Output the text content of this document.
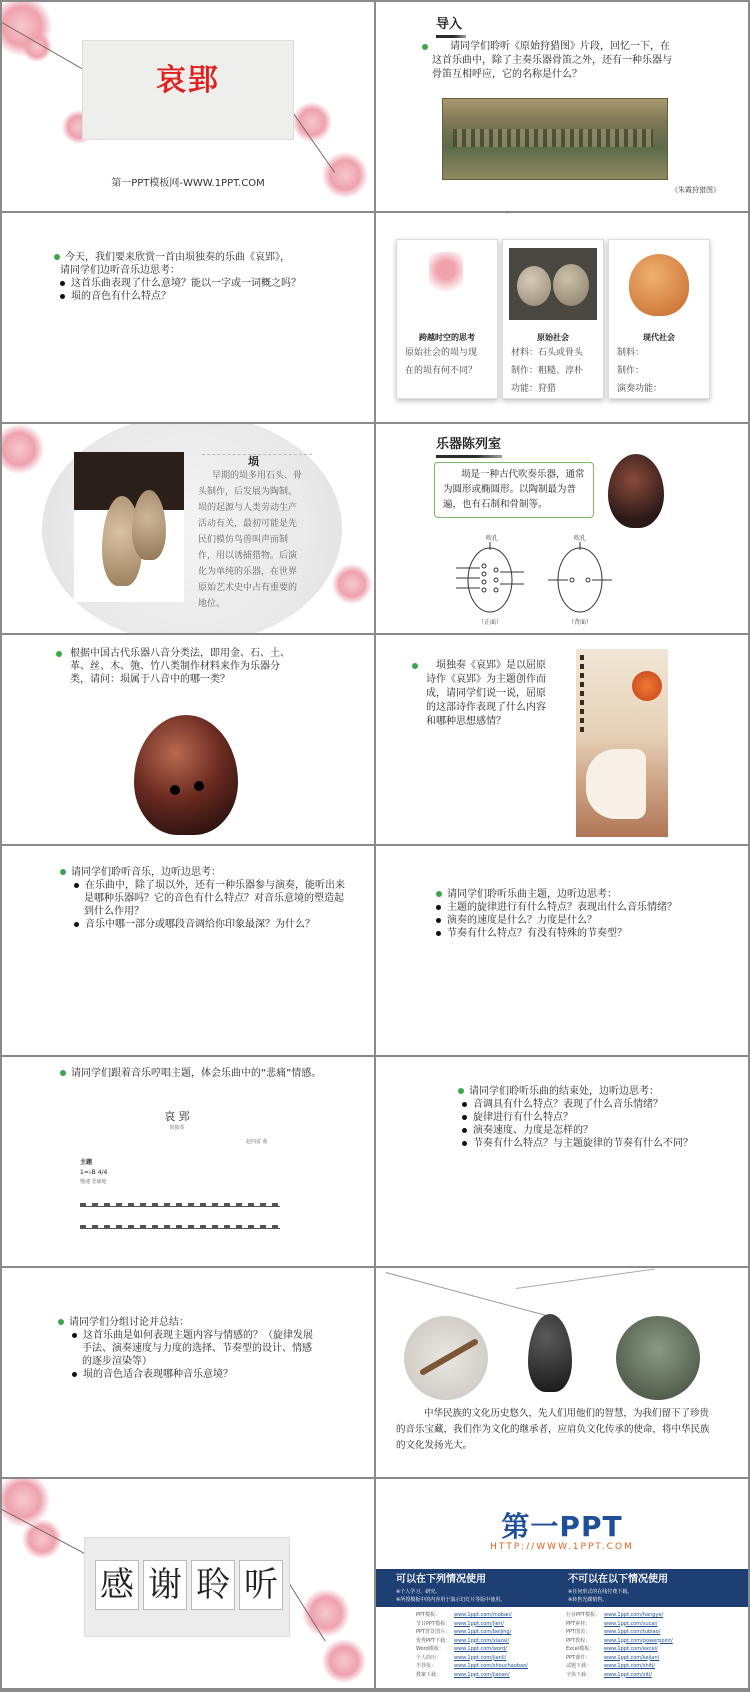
哀郢
第一PPT模板网-WWW.1PPT.COM
导入
请同学们聆听《原始狩猎图》片段，回忆一下，在这首乐曲中，除了主奏乐器骨笛之外，还有一种乐器与骨笛互相呼应，它的名称是什么？
《朱霞狩猎图》
今天，我们要来欣赏一首由埙独奏的乐曲《哀郢》，
请同学们边听音乐边思考：
这首乐曲表现了什么意境？能以一字或一词概之吗？
埙的音色有什么特点？
跨越时空的思考
原始社会的埙与现
在的埙有何不同？
原始社会
材料：石头或骨头
制作：粗糙、淳朴
功能：狩猎
现代社会
制料：
制作：
演奏功能：
埙
早期的埙多用石头、骨头制作，后发展为陶制。埙的起源与人类劳动生产活动有关，最初可能是先民们模仿鸟兽叫声而制作，用以诱捕猎物。后演化为单纯的乐器，在世界原始艺术史中占有重要的地位。
乐器陈列室
埙是一种古代吹奏乐器，通常为圆形或椭圆形。以陶制最为普遍，也有石制和骨制等。
吹孔	吹孔
（正面）	（背面）
根据中国古代乐器八音分类法，即用金、石、土、革、丝、木、匏、竹八类制作材料来作为乐器分类，请问：埙属于八音中的哪一类？
埙独奏《哀郢》是以屈原诗作《哀郢》为主题创作而成，请同学们说一说，屈原的这部诗作表现了什么内容和哪种思想感情？
请同学们聆听音乐，边听边思考：
在乐曲中，除了埙以外，还有一种乐器参与演奏，能听出来是哪种乐器吗？它的音色有什么特点？对音乐意境的塑造起到什么作用？
音乐中哪一部分或哪段音调给你印象最深？为什么？
请同学们聆听乐曲主题，边听边思考：
主题的旋律进行有什么特点？表现出什么音乐情绪？
演奏的速度是什么？力度是什么？
节奏有什么特点？有没有特殊的节奏型？
请同学们跟着音乐哼唱主题，体会乐曲中的“悲痛”情感。
哀 郢
埙独奏
赵四富 曲
主题
1=♭B 4/4
慢速 悲痛地
请同学们聆听乐曲的结束处，边听边思考：
音调具有什么特点？表现了什么音乐情绪？
旋律进行有什么特点？
演奏速度、力度是怎样的？
节奏有什么特点？与主题旋律的节奏有什么不同？
请同学们分组讨论并总结：
这首乐曲是如何表现主题内容与情感的？（旋律发展手法、演奏速度与力度的选择、节奏型的设计、情感的逐步渲染等）
埙的音色适合表现哪种音乐意境？
中华民族的文化历史悠久，先人们用他们的智慧，为我们留下了珍贵的音乐宝藏，我们作为文化的继承者，应肩负文化传承的使命，将中华民族的文化发扬光大。
感 谢 聆 听
第一PPT
HTTP://WWW.1PPT.COM
可以在下列情况使用	不可以在以下情况使用
※个人学习、研究。
※所授模板中的内容用于演示幻灯片等版中使用。
※任何形式的在线付费下载。
※转售光碟销售。
PPT模板：	www.1ppt.com/moban/
节日PPT模板： www.1ppt.com/jieri/
PPT背景图片： www.1ppt.com/beijing/
优秀PPT下载： www.1ppt.com/xiazai/
Word模板： www.1ppt.com/word/
个人简历：	www.1ppt.com/jianli/
手抄报：	www.1ppt.com/shouchaobao/
教案下载：	www.1ppt.com/jiaoan/
行业PPT模板： www.1ppt.com/hangye/
PPT素材：	www.1ppt.com/sucai/
PPT图表：	www.1ppt.com/tubiao/
PPT教程：	www.1ppt.com/powerpoint/
Excel模板： www.1ppt.com/excel/
PPT课件：	www.1ppt.com/kejian/
试题下载：	www.1ppt.com/shiti/
字体下载：	www.1ppt.com/ziti/
